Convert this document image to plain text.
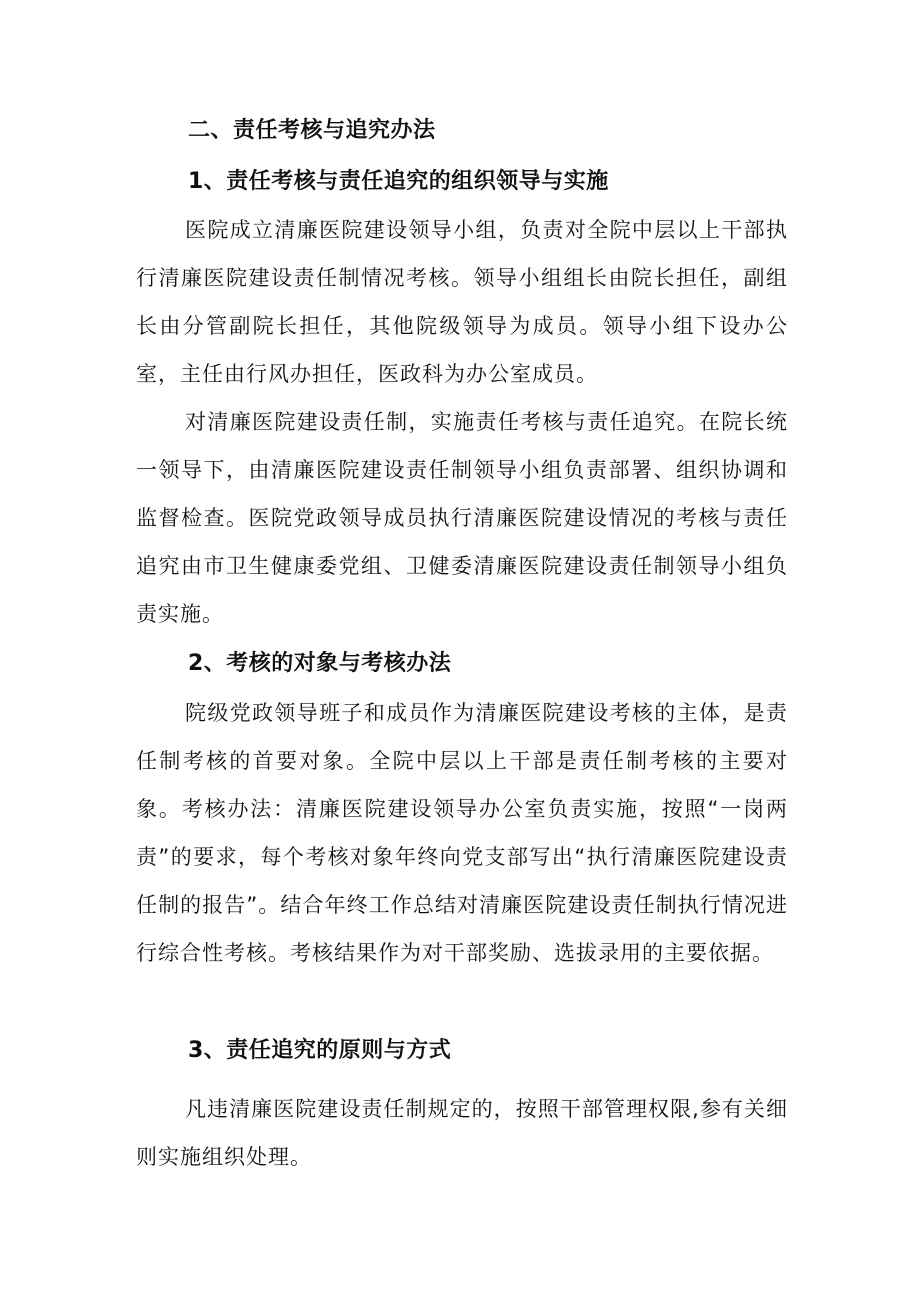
二、责任考核与追究办法
1、责任考核与责任追究的组织领导与实施

医院成立清廉医院建设领导小组，负责对全院中层以上干部执行清廉医院建设责任制情况考核。领导小组组长由院长担任，副组长由分管副院长担任，其他院级领导为成员。领导小组下设办公室，主任由行风办担任，医政科为办公室成员。

对清廉医院建设责任制，实施责任考核与责任追究。在院长统一领导下，由清廉医院建设责任制领导小组负责部署、组织协调和监督检查。医院党政领导成员执行清廉医院建设情况的考核与责任追究由市卫生健康委党组、卫健委清廉医院建设责任制领导小组负责实施。

2、考核的对象与考核办法

院级党政领导班子和成员作为清廉医院建设考核的主体，是责任制考核的首要对象。全院中层以上干部是责任制考核的主要对象。考核办法：清廉医院建设领导办公室负责实施，按照“一岗两责”的要求，每个考核对象年终向党支部写出“执行清廉医院建设责任制的报告”。结合年终工作总结对清廉医院建设责任制执行情况进行综合性考核。考核结果作为对干部奖励、选拔录用的主要依据。

3、责任追究的原则与方式

凡违清廉医院建设责任制规定的，按照干部管理权限,参有关细则实施组织处理。
